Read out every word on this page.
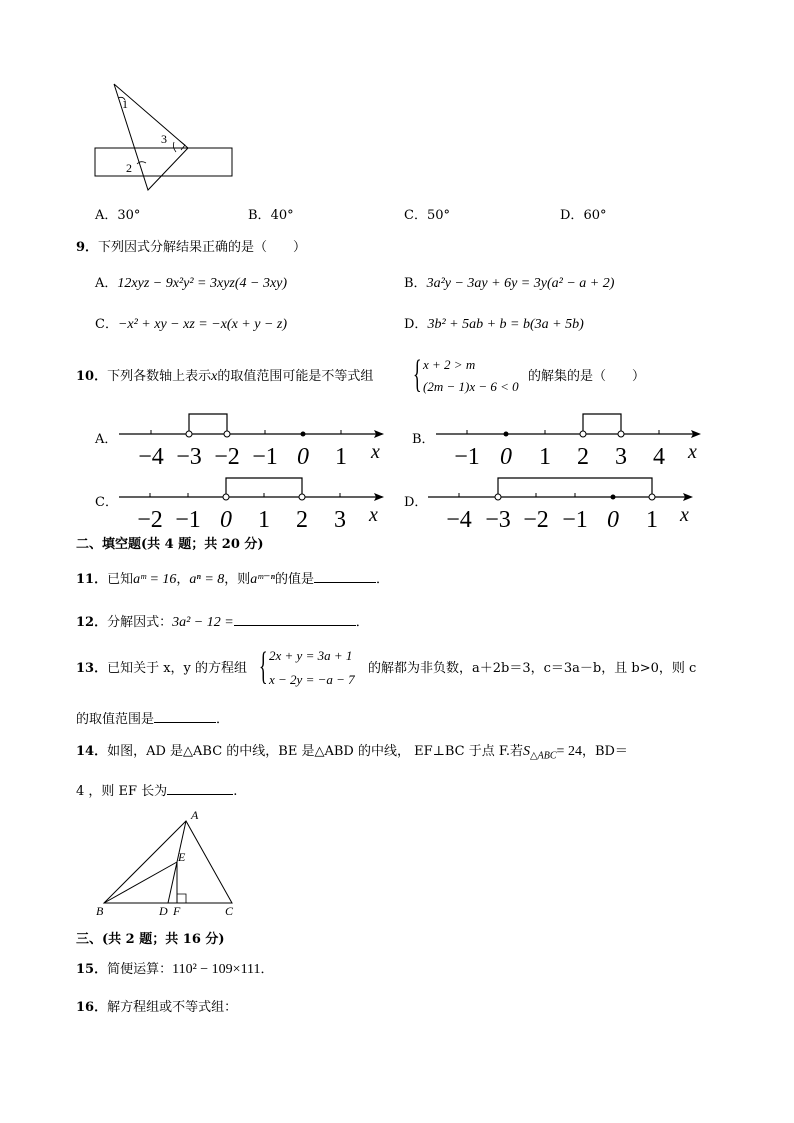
1
2
3
A．30°	B．40°	C．50°	D．60°
9．下列因式分解结果正确的是（　　）
A．12xyz − 9x²y² = 3xyz(4 − 3xy)	B．3a²y − 3ay + 6y = 3y(a² − a + 2)
C．−x² + xy − xz = −x(x + y − z)	D．3b² + 5ab + b = b(3a + 5b)
10．下列各数轴上表示x的取值范围可能是不等式组 { x + 2 > m
(2m − 1)x − 6 < 0
的解集的是（　　）
A．
−4 −3 −2 −1 0 1 x
B．
−1 0 1 2 3 4 x
C．
−2 −1 0 1 2 3 x
D．
−4 −3 −2 −1 0 1 x
二、填空题(共 4 题；共 20 分)
11．已知aᵐ = 16，aⁿ = 8，则aᵐ⁻ⁿ的值是	．
12．分解因式：3a² − 12 =	．
13．已知关于 x，y 的方程组 { 2x + y = 3a + 1
x − 2y = −a − 7
的解都为非负数，a＋2b＝3，c＝3a－b，且 b>0，则 c
的取值范围是	．
14．如图，AD 是△ABC 的中线，BE 是△ABD 的中线， EF⊥BC 于点 F.若$S_{\triangle ABC}= 24$，BD＝
4 ，则 EF 长为	.
A
B	C
D
E
F
三、(共 2 题；共 16 分)
15．简便运算：110² − 109×111．
16．解方程组或不等式组：
